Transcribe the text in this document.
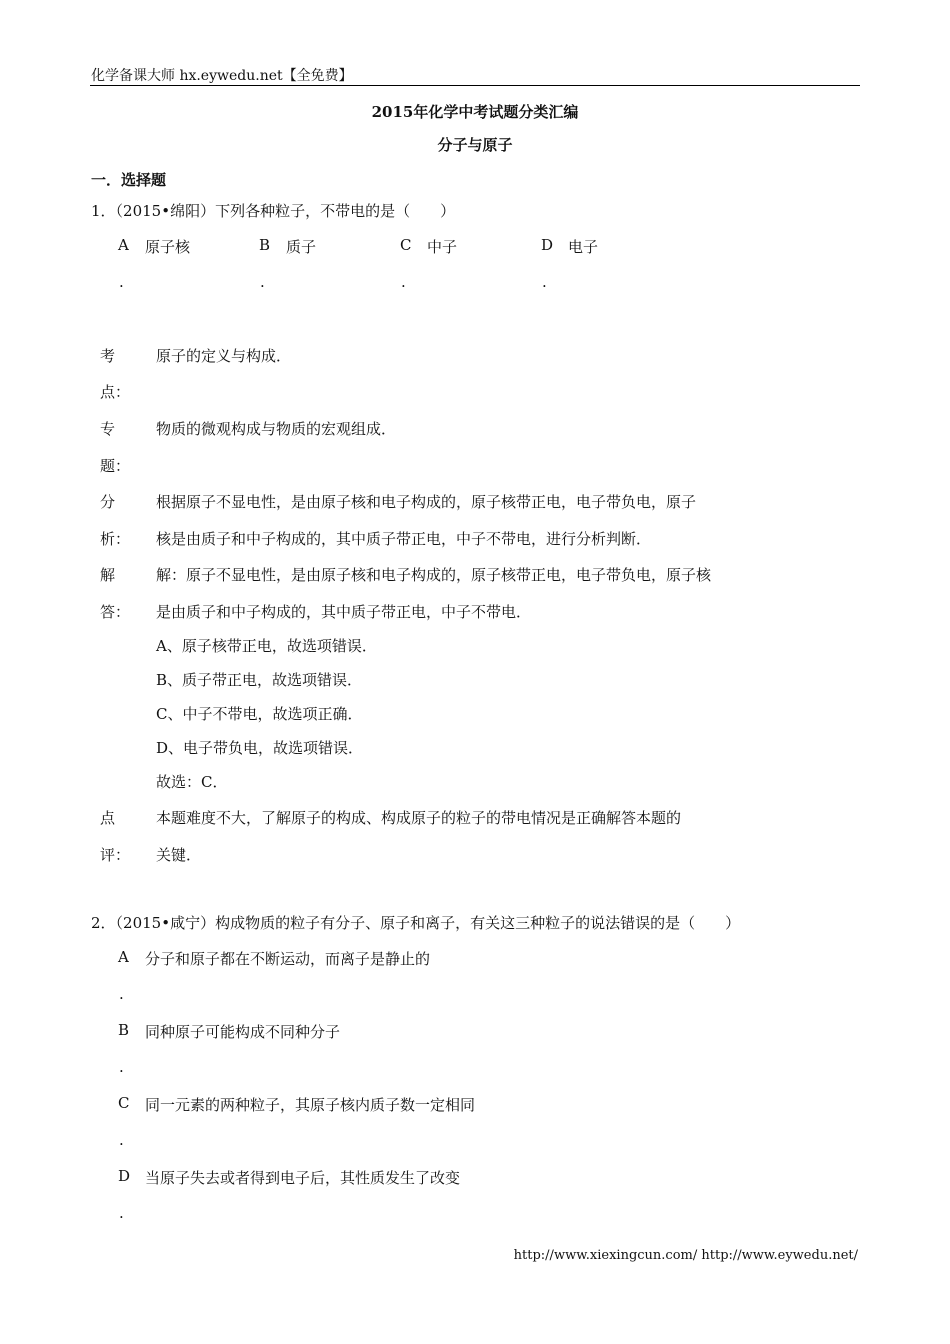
化学备课大师 hx.eywedu.net【全免费】
2015年化学中考试题分类汇编
分子与原子
一．选择题
1．（2015•绵阳）下列各种粒子，不带电的是（　　）
A 原子核	B 质子	C 中子	D 电子
.	.	.	.
考
点：
原子的定义与构成．
专
题：
物质的微观构成与物质的宏观组成．
分
析：
根据原子不显电性，是由原子核和电子构成的，原子核带正电，电子带负电，原子
核是由质子和中子构成的，其中质子带正电，中子不带电，进行分析判断．
解
答：
解：原子不显电性，是由原子核和电子构成的，原子核带正电，电子带负电，原子核
是由质子和中子构成的，其中质子带正电，中子不带电．
A、原子核带正电，故选项错误．
B、质子带正电，故选项错误．
C、中子不带电，故选项正确．
D、电子带负电，故选项错误．
故选：C．
点
评：
本题难度不大，了解原子的构成、构成原子的粒子的带电情况是正确解答本题的
关键．
2．（2015•咸宁）构成物质的粒子有分子、原子和离子，有关这三种粒子的说法错误的是（　　）
A 分子和原子都在不断运动，而离子是静止的
.
B 同种原子可能构成不同种分子
.
C 同一元素的两种粒子，其原子核内质子数一定相同
.
D 当原子失去或者得到电子后，其性质发生了改变
.
http://www.xiexingcun.com/ http://www.eywedu.net/
